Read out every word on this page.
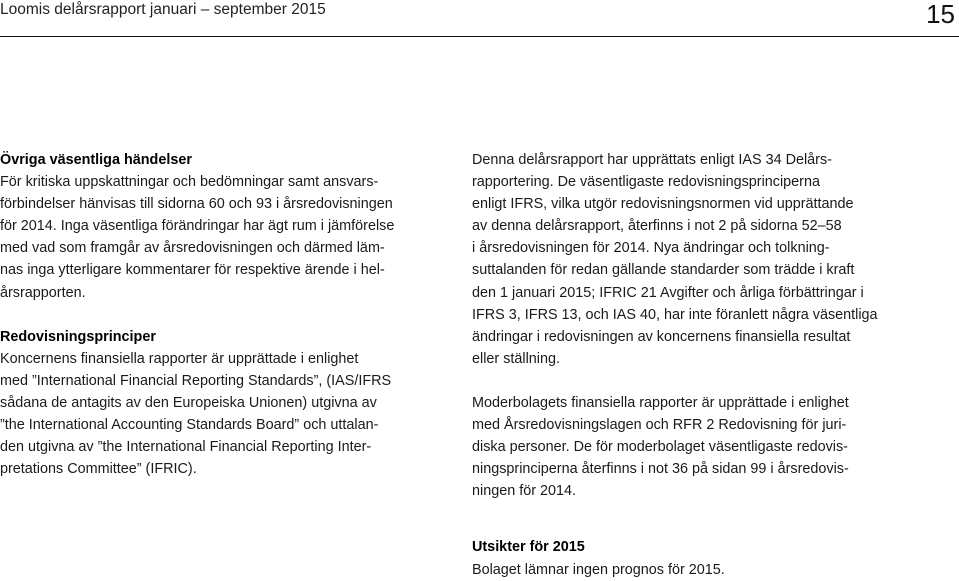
Loomis delårsrapport januari – september 2015	15
Övriga väsentliga händelser
För kritiska uppskattningar och bedömningar samt ansvars-
förbindelser hänvisas till sidorna 60 och 93 i årsredovisningen
för 2014. Inga väsentliga förändringar har ägt rum i jämförelse
med vad som framgår av årsredovisningen och därmed läm-
nas inga ytterligare kommentarer för respektive ärende i hel-
årsrapporten.
Redovisningsprinciper
Koncernens finansiella rapporter är upprättade i enlighet
med ”International Financial Reporting Standards”, (IAS/IFRS
sådana de antagits av den Europeiska Unionen) utgivna av
”the International Accounting Standards Board” och uttalan-
den utgivna av ”the International Financial Reporting Inter-
pretations Committee” (IFRIC).
Denna delårsrapport har upprättats enligt IAS 34 Delårs-
rapportering. De väsentligaste redovisningsprinciperna
enligt IFRS, vilka utgör redovisningsnormen vid upprättande
av denna delårsrapport, återfinns i not 2 på sidorna 52–58
i årsredovisningen för 2014. Nya ändringar och tolkning-
suttalanden för redan gällande standarder som trädde i kraft
den 1 januari 2015; IFRIC 21 Avgifter och årliga förbättringar i
IFRS 3, IFRS 13, och IAS 40, har inte föranlett några väsentliga
ändringar i redovisningen av koncernens finansiella resultat
eller ställning.
Moderbolagets finansiella rapporter är upprättade i enlighet
med Årsredovisningslagen och RFR 2 Redovisning för juri-
diska personer. De för moderbolaget väsentligaste redovis-
ningsprinciperna återfinns i not 36 på sidan 99 i årsredovis-
ningen för 2014.
Utsikter för 2015
Bolaget lämnar ingen prognos för 2015.
